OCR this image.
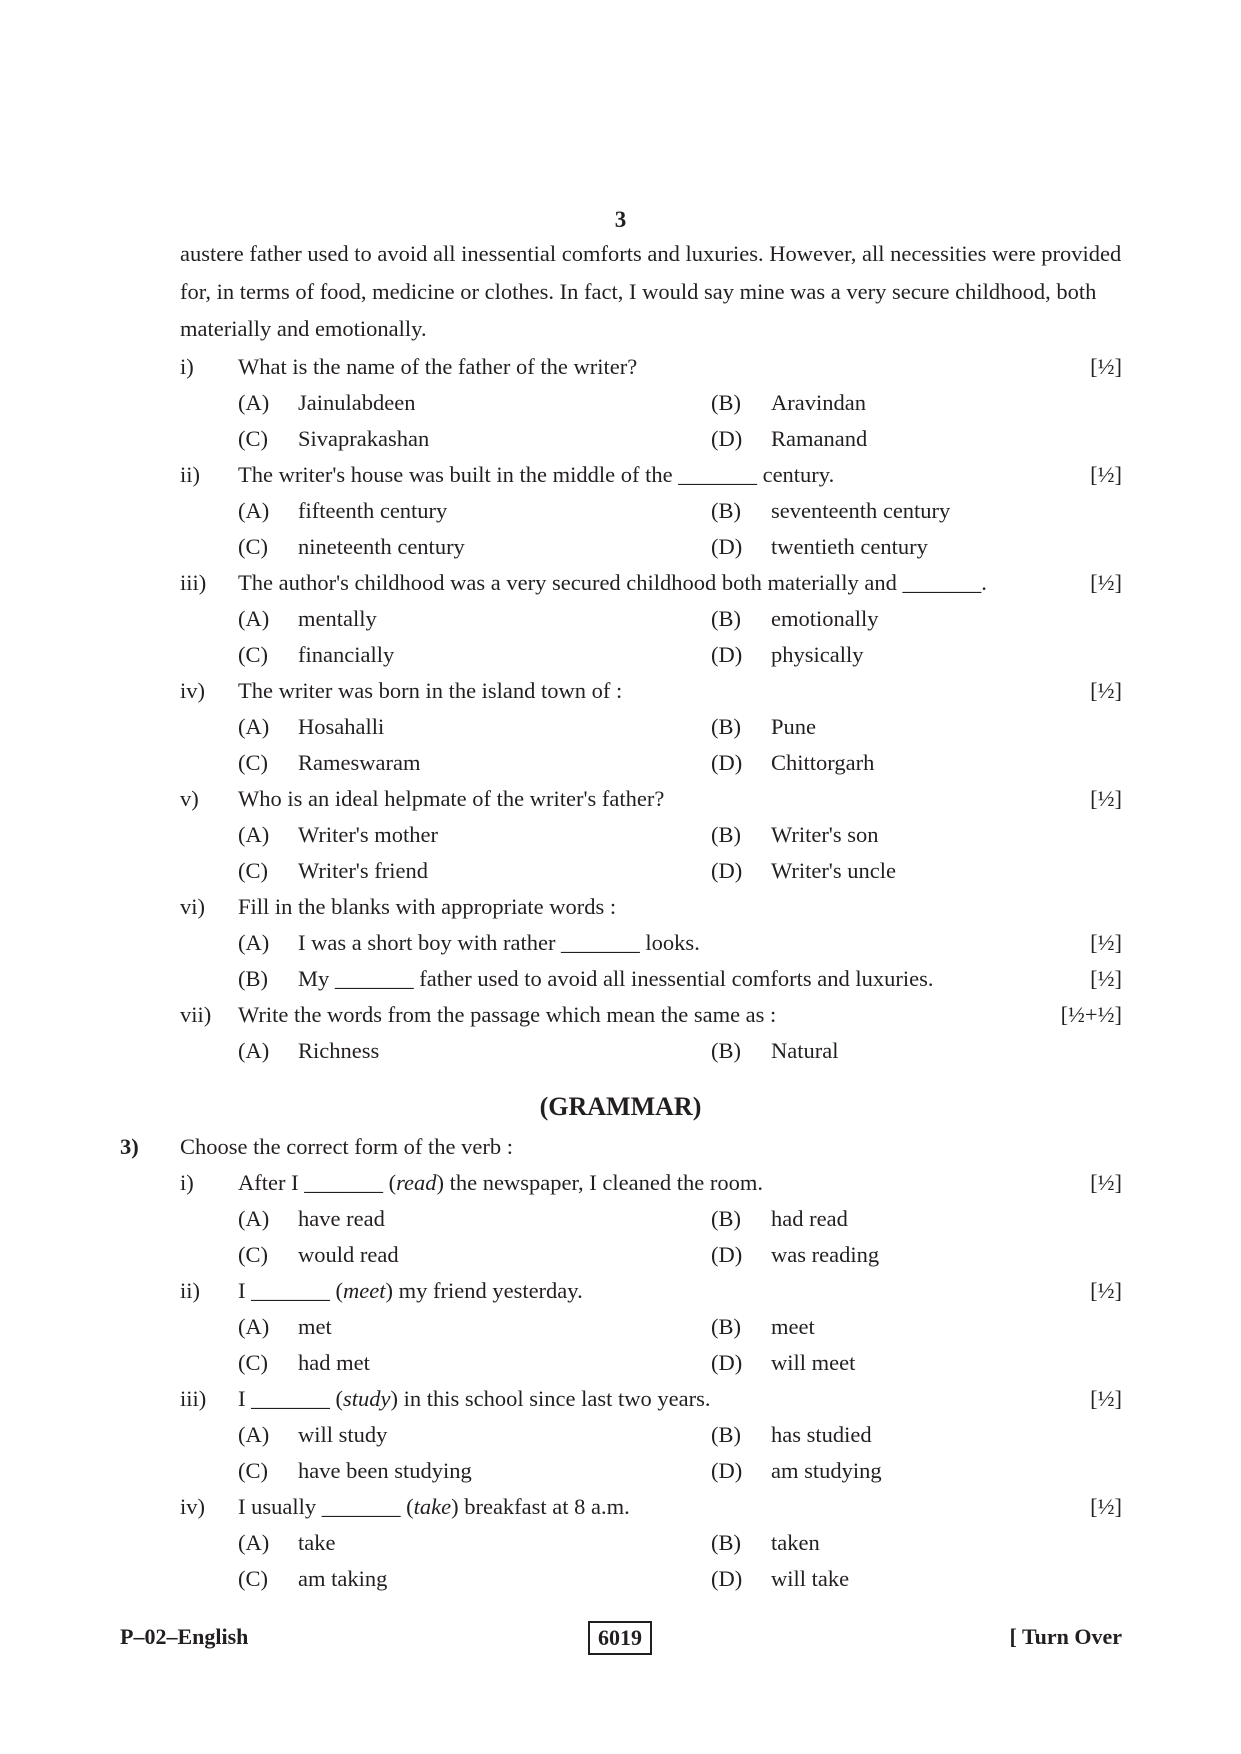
3
austere father used to avoid all inessential comforts and luxuries. However, all necessities were provided
for, in terms of food, medicine or clothes. In fact, I would say mine was a very secure childhood, both
materially and emotionally.
i) What is the name of the father of the writer?	[½]
(A) Jainulabdeen	(B) Aravindan
(C) Sivaprakashan	(D) Ramanand
ii) The writer's house was built in the middle of the _______ century.	[½]
(A) fifteenth century	(B) seventeenth century
(C) nineteenth century	(D) twentieth century
iii) The author's childhood was a very secured childhood both materially and _______.	[½]
(A) mentally	(B) emotionally
(C) financially	(D) physically
iv) The writer was born in the island town of :	[½]
(A) Hosahalli	(B) Pune
(C) Rameswaram	(D) Chittorgarh
v) Who is an ideal helpmate of the writer's father?	[½]
(A) Writer's mother	(B) Writer's son
(C) Writer's friend	(D) Writer's uncle
vi) Fill in the blanks with appropriate words :
(A) I was a short boy with rather _______ looks.	[½]
(B) My _______ father used to avoid all inessential comforts and luxuries.	[½]
vii) Write the words from the passage which mean the same as :	[½+½]
(A) Richness	(B) Natural
(GRAMMAR)
3) Choose the correct form of the verb :
i) After I _______ (read) the newspaper, I cleaned the room.	[½]
(A) have read	(B) had read
(C) would read	(D) was reading
ii) I _______ (meet) my friend yesterday.	[½]
(A) met	(B) meet
(C) had met	(D) will meet
iii) I _______ (study) in this school since last two years.	[½]
(A) will study	(B) has studied
(C) have been studying	(D) am studying
iv) I usually _______ (take) breakfast at 8 a.m.	[½]
(A) take	(B) taken
(C) am taking	(D) will take
P–02–English	6019	[ Turn Over
